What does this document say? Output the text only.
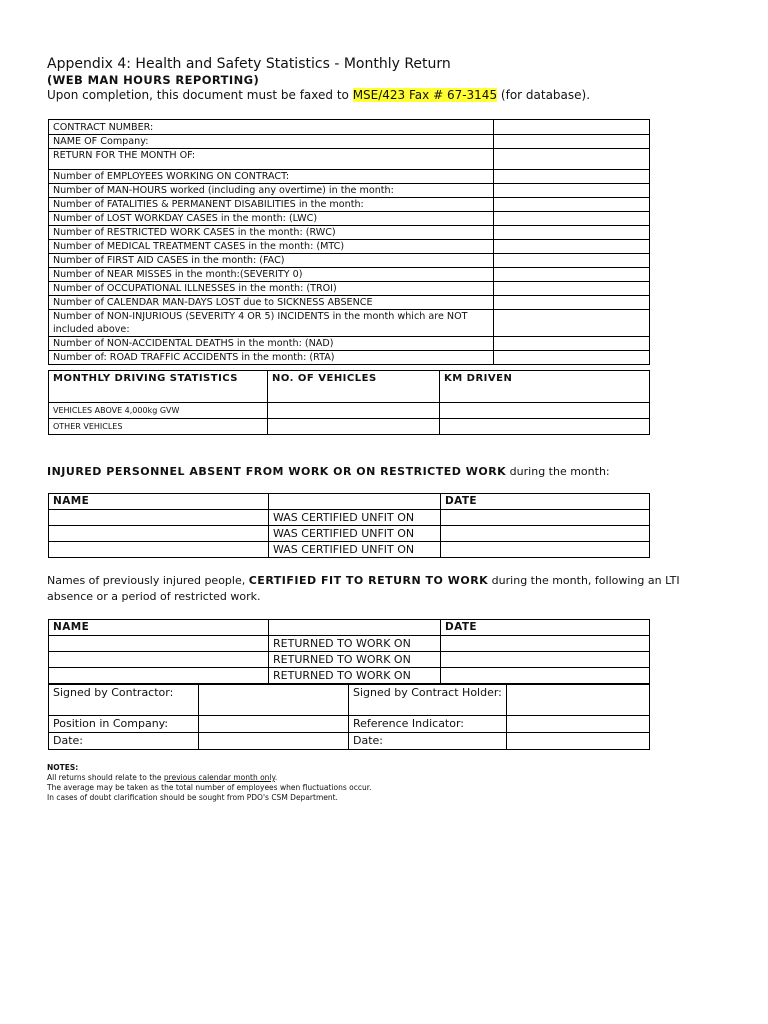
Appendix 4: Health and Safety Statistics - Monthly Return
(WEB MAN HOURS REPORTING)
Upon completion, this document must be faxed to MSE/423 Fax # 67-3145 (for database).
CONTRACT NUMBER:	
NAME OF Company:	
RETURN FOR THE MONTH OF:	
Number of EMPLOYEES WORKING ON CONTRACT:	
Number of MAN-HOURS worked (including any overtime) in the month:	
Number of FATALITIES & PERMANENT DISABILITIES in the month:	
Number of LOST WORKDAY CASES in the month: (LWC)	
Number of RESTRICTED WORK CASES in the month: (RWC)	
Number of MEDICAL TREATMENT CASES in the month: (MTC)	
Number of FIRST AID CASES in the month: (FAC)	
Number of NEAR MISSES in the month:(SEVERITY 0)	
Number of OCCUPATIONAL ILLNESSES in the month: (TROI)	
Number of CALENDAR MAN-DAYS LOST due to SICKNESS ABSENCE	
Number of NON-INJURIOUS (SEVERITY 4 OR 5) INCIDENTS in the month which are NOT included above:	
Number of NON-ACCIDENTAL DEATHS in the month: (NAD)	
Number of: ROAD TRAFFIC ACCIDENTS in the month: (RTA)	
MONTHLY DRIVING STATISTICS	NO. OF VEHICLES	KM DRIVEN
VEHICLES ABOVE 4,000kg GVW		
OTHER VEHICLES		
INJURED PERSONNEL ABSENT FROM WORK OR ON RESTRICTED WORK during the month:
NAME		DATE
	WAS CERTIFIED UNFIT ON	
	WAS CERTIFIED UNFIT ON	
	WAS CERTIFIED UNFIT ON	
Names of previously injured people, CERTIFIED FIT TO RETURN TO WORK during the month, following an LTI absence or a period of restricted work.
NAME		DATE
	RETURNED TO WORK ON	
	RETURNED TO WORK ON	
	RETURNED TO WORK ON	
Signed by Contractor:		Signed by Contract Holder:	
Position in Company:		Reference Indicator:	
Date:		Date:	
NOTES:
All returns should relate to the previous calendar month only.
The average may be taken as the total number of employees when fluctuations occur.
In cases of doubt clarification should be sought from PDO's CSM Department.
